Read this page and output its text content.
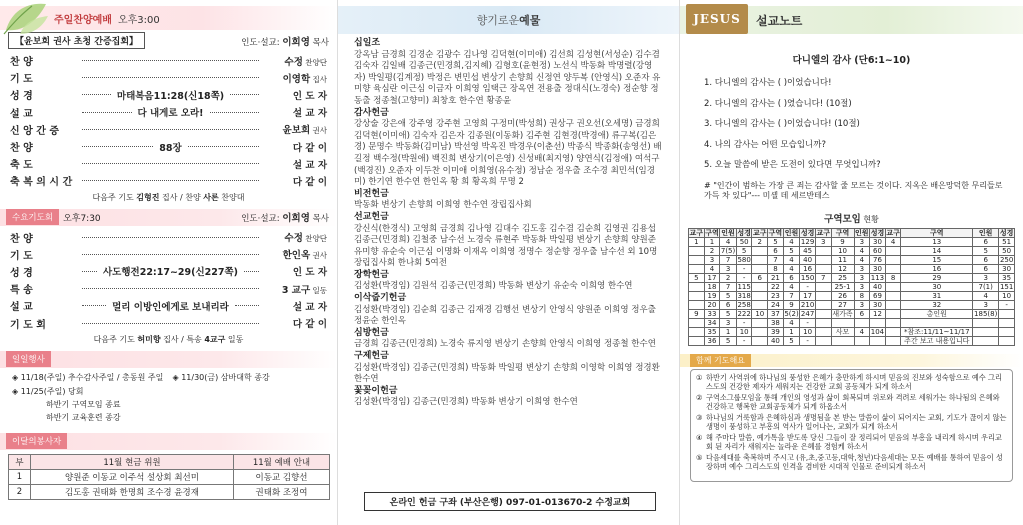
주일찬양예배 오후3:00
【윤보희 권사 초청 간증집회】	인도·설교: 이희영 목사
찬 양	수정 찬양단
기 도	이영학 집사
성 경	마태복음11:28(신18쪽)	인 도 자
설 교	다 내게로 오라!	설 교 자
신 앙 간 증	윤보희 권사
찬 양	88장	다 같 이
축 도	설 교 자
축 복 의 시 간	다 같 이
다음주 기도 김형진 집사 / 찬양 사론 찬양대
수요기도회	오후7:30	인도·설교: 이희영 목사
찬 양	수정 찬양단
기 도	한인옥 권사
성 경	사도행전22:17~29(신227쪽)	인 도 자
특 송	3 교구 일동
설 교	멀리 이방인에게로 보내리라	설 교 자
기 도 회	다 같 이
다음주 기도 허미향 집사 / 특송 4교구 일동
일일행사
◈ 11/18(주일) 추수감사주일 / 총동원 주일 ◈ 11/30(금) 삼바대학 종강
◈ 11/25(주일) 당회
하반기 구역모임 종료
하반기 교육훈련 종강
이달의봉사자
부	11월 현금 위원	11월 예배 안내
1	양원준 이동교 이주석 설상회 최선미	이동교 김향선
2	김도홍 권태화 한명희 조수경 윤경재	권태화 조정여
향기로운 예물
십일조
강옥남 금경희 김경순 김광수 김나영 김덕현(이미애) 김선희 김성현(서성순) 김수겸 김숙자 김일배 김종근(민경희,김지혜) 김형호(윤현정) 노선식 박동화 박명렬(강영자) 박일평(김계정) 박정은 변민섭 변상기 손향희 신정연 양두복 (안영식) 오준자 유미향 육심란 이근심 이금자 이희영 임택근 장옥연 전용출 정대식(노경숙) 정순향 정동출 정종철(고향미) 최창호 한수연 황종윤
감사헌금
강상술 강은애 강주영 강주현 고영희 구정미(박성희) 권상구 권오선(오세명) 금경희 김덕현(이미애) 김숙자 김은자 김종원(이동화) 김주현 김현경(박경애) 류구복(김은경) 문명수 박동화(김미남) 박선영 박옥진 박경우(이춘선) 박종식 박종화(송영선) 배길정 백수정(박원애) 백진희 변상기(이은영) 신성배(최지영) 양연식(김정애) 여석구(백경진) 오준자 이두찬 이미애 이희영(유수정) 정남순 정우출 조수경 최민석(임경미) 한기연 한수연 한인옥 황 희 황옥희 무명 2
비전헌금
박동화 변상기 손향희 이희영 한수연 장립집사회
선교헌금
강신식(한경식) 고영희 금경희 김나영 김대수 김도홍 김수겸 김순희 김영권 김용섭 김종근(민경희) 김철중 남수선 노경숙 류현주 박동화 박일평 변상기 손향희 양원준 유미향 유순숙 이근심 이명화 이재옥 이희영 정명수 정순향 정우출 남수선 외 10명 장립집사회 한나회 5여전
장학헌금
김성환(박경임) 김원석 김종근(민경희) 박동화 변상기 유순숙 이희영 한수연
이삭줍기헌금
김성환(박경임) 김순희 김종근 김재경 김행선 변상기 안영식 양원준 이희영 정우출 정윤순 한인옥
심방헌금
금경희 김종근(민경희) 노경숙 류지영 변상기 손향희 안영식 이희영 정종철 한수연
구제헌금
김성환(박경임) 김종근(민경희) 박동화 박일평 변상기 손향희 이영학 이희영 정경환 한수연
꽃꽂이헌금
김성환(박경임) 김종근(민경희) 박동화 변상기 이희영 한수연
온라인 헌금 구좌 (부산은행) 097-01-013670-2 수정교회
JESUS	설교노트
다니엘의 감사 (단6:1~10)
1. 다니엘의 감사는 ( )이었습니다!
2. 다니엘의 감사는 ( )였습니다! (10절)
3. 다니엘의 감사는 ( )이었습니다! (10절)
4. 나의 감사는 어떤 모습입니까?
5. 오늘 말씀에 받은 도전이 있다면 무엇입니까?
# "인간이 범하는 가장 큰 죄는 감사할 줄 모르는 것이다. 지옥은 배은망덕한 무리들로 가득 차 있다"--- 미셸 데 세르반테스
구역모임 현황
교구	구역	인원	성경	교구	구역	인원	성경	교구	구역	인원	성경	교구	구역	인원	성경
1	1	4	50	2	5	4	129	3	9	3	30	4	13	6	51
	2	7(5)	5		6	5	45		10	4	60		14	5	50
	3	7	580		7	4	40		11	4	76		15	6	250
	4	3	-		8	4	16		12	3	30		16	6	30
5	17	2	-	6	21	6	150	7	25	3	113	8	29	3	35
	18	7	115		22	4	-		25-1	3	40		30	7(1)	151
	19	5	318		23	7	17		26	8	69		31	4	10
	20	6	258		24	9	210		27	3	30		32	3	-
9	33	5	222	10	37	5(2)	247		새가족	6	12		총인원	185(8)	
	34	3	-		38	4	-								
	35	1	10		39	1	10		사모	4	104		*참조:11/11~11/17		
	36	5	-		40	5	-						주간 보고 내용입니다		
함께 기도해요
① 하반기 사역위에 하나님의 풍성한 은혜가 충만하게 하시며 믿음의 진보와 성숙함으로 예수 그리스도의 건강한 제자가 세워지는 건강한 교회 공동체가 되게 하소서
② 구역소그룹모임을 통해 개인의 영성과 삶이 회복되며 위로와 격려로 세워가는 하나됨의 은혜와 건강하고 행복한 교회공동체가 되게 하옵소서
③ 하나님의 거룩함과 은혜하심과 생명됨을 본 받는 말씀이 삶이 되어지는 교회, 기도가 끊이지 않는 생명이 풍성하고 부흥의 역사가 일어나는, 교회가 되게 하소서
④ 해 주마다 말씀, 예가톡을 받도록 당신 그들이 잘 정리되어 믿음의 부흥을 내리게 하시며 우리교회 된 자리가 새워지는 놀라운 은혜를 경험케 하소서
⑤ 다음세대를 축복하며 주시고 (유,초,중고등,대학,청년)다음세대는 모든 예배를 통하여 믿음이 성장하며 예수 그리스도의 인격을 겸비한 시대적 인물로 준비되게 하소서
